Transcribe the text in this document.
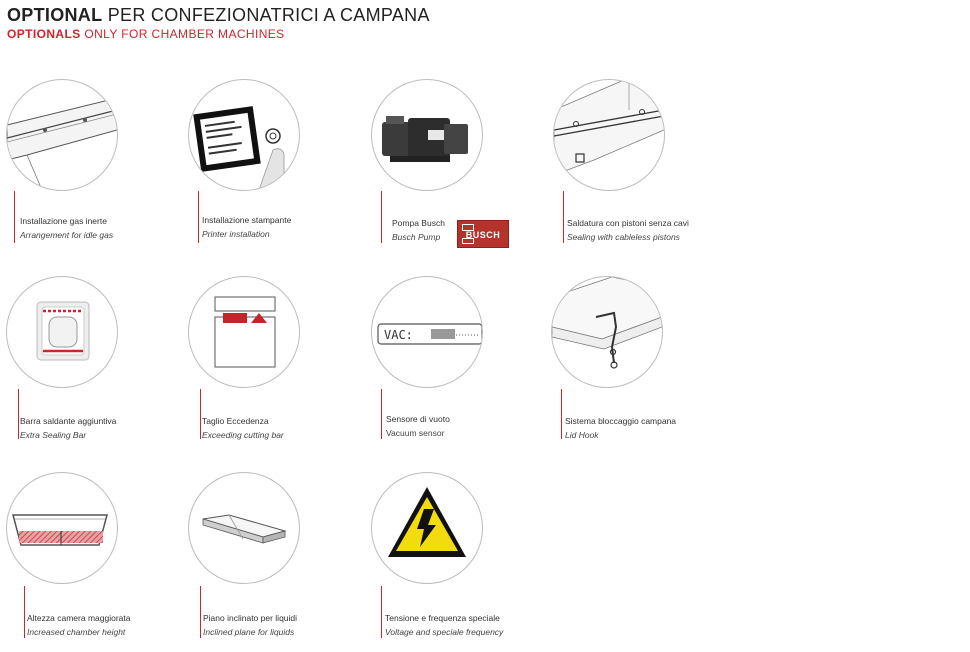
OPTIONAL PER CONFEZIONATRICI A CAMPANA
OPTIONALS ONLY FOR CHAMBER MACHINES
Installazione gas inerte
Arrangement for idle gas
Installazione stampante
Printer installation
Pompa Busch
Busch Pump	BUSCH
Saldatura con pistoni senza cavi
Sealing with cableless pistons
Barra saldante aggiuntiva
Extra Sealing Bar
Taglio Eccedenza
Exceeding cutting bar
VAC:
Sensore di vuoto
Vacuum sensor
Sistema bloccaggio campana
Lid Hook
Altezza camera maggiorata
Increased chamber height
Piano inclinato per liquidi
Inclined plane for liquids
Tensione e frequenza speciale
Voltage and speciale frequency
